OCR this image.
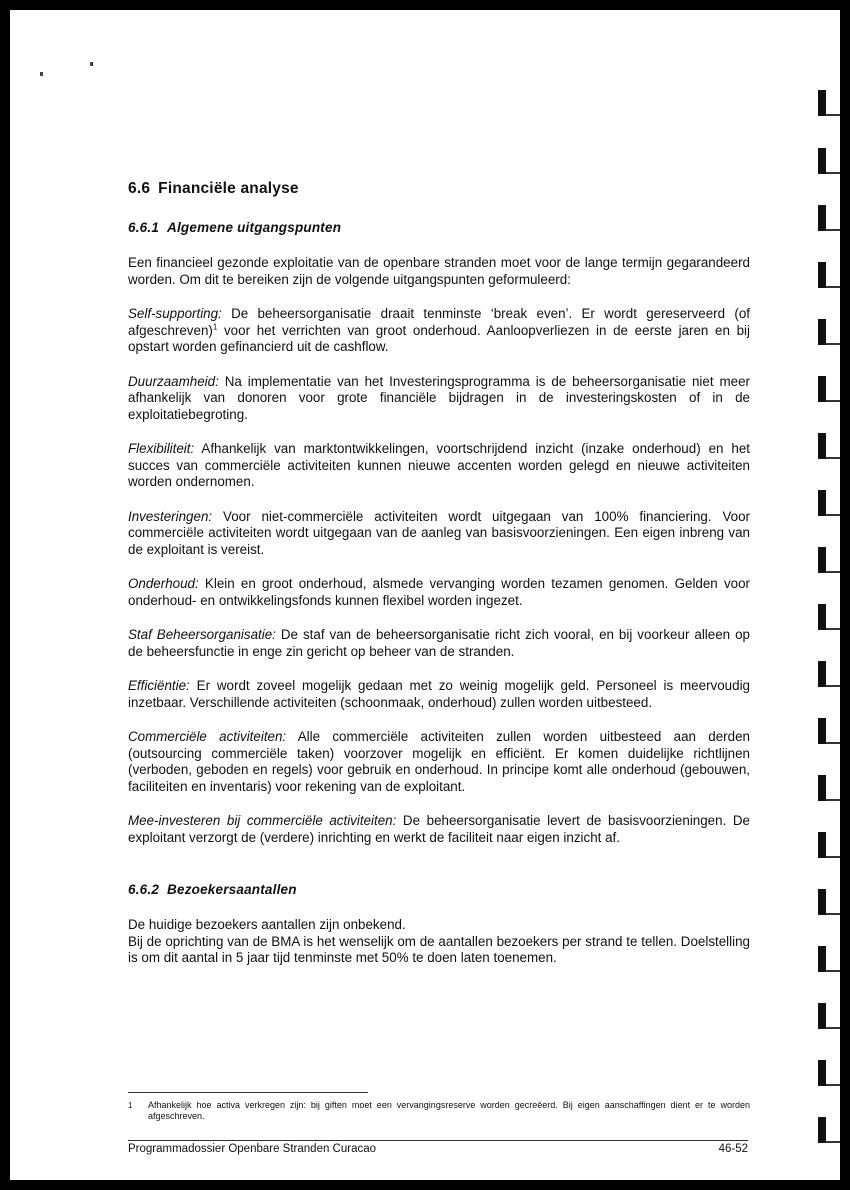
6.6 Financiële analyse
6.6.1 Algemene uitgangspunten

Een financieel gezonde exploitatie van de openbare stranden moet voor de lange termijn gegarandeerd worden. Om dit te bereiken zijn de volgende uitgangspunten geformuleerd:

Self-supporting: De beheersorganisatie draait tenminste ‘break even’. Er wordt gereserveerd (of afgeschreven)$^1$ voor het verrichten van groot onderhoud. Aanloopverliezen in de eerste jaren en bij opstart worden gefinancierd uit de cashflow.

Duurzaamheid: Na implementatie van het Investeringsprogramma is de beheersorganisatie niet meer afhankelijk van donoren voor grote financiële bijdragen in de investeringskosten of in de exploitatiebegroting.

Flexibiliteit: Afhankelijk van marktontwikkelingen, voortschrijdend inzicht (inzake onderhoud) en het succes van commerciële activiteiten kunnen nieuwe accenten worden gelegd en nieuwe activiteiten worden ondernomen.

Investeringen: Voor niet-commerciële activiteiten wordt uitgegaan van 100% financiering. Voor commerciële activiteiten wordt uitgegaan van de aanleg van basisvoorzieningen. Een eigen inbreng van de exploitant is vereist.

Onderhoud: Klein en groot onderhoud, alsmede vervanging worden tezamen genomen. Gelden voor onderhoud- en ontwikkelingsfonds kunnen flexibel worden ingezet.

Staf Beheersorganisatie: De staf van de beheersorganisatie richt zich vooral, en bij voorkeur alleen op de beheersfunctie in enge zin gericht op beheer van de stranden.

Efficiëntie: Er wordt zoveel mogelijk gedaan met zo weinig mogelijk geld. Personeel is meervoudig inzetbaar. Verschillende activiteiten (schoonmaak, onderhoud) zullen worden uitbesteed.

Commerciële activiteiten: Alle commerciële activiteiten zullen worden uitbesteed aan derden (outsourcing commerciële taken) voorzover mogelijk en efficiënt. Er komen duidelijke richtlijnen (verboden, geboden en regels) voor gebruik en onderhoud. In principe komt alle onderhoud (gebouwen, faciliteiten en inventaris) voor rekening van de exploitant.

Mee-investeren bij commerciële activiteiten: De beheersorganisatie levert de basisvoorzieningen. De exploitant verzorgt de (verdere) inrichting en werkt de faciliteit naar eigen inzicht af.

6.6.2 Bezoekersaantallen

De huidige bezoekers aantallen zijn onbekend.

Bij de oprichting van de BMA is het wenselijk om de aantallen bezoekers per strand te tellen. Doelstelling is om dit aantal in 5 jaar tijd tenminste met 50% te doen laten toenemen.

1	Afhankelijk hoe activa verkregen zijn: bij giften moet een vervangingsreserve worden gecreëerd. Bij eigen aanschaffingen dient er te worden afgeschreven.
Programmadossier Openbare Stranden Curacao	46-52
